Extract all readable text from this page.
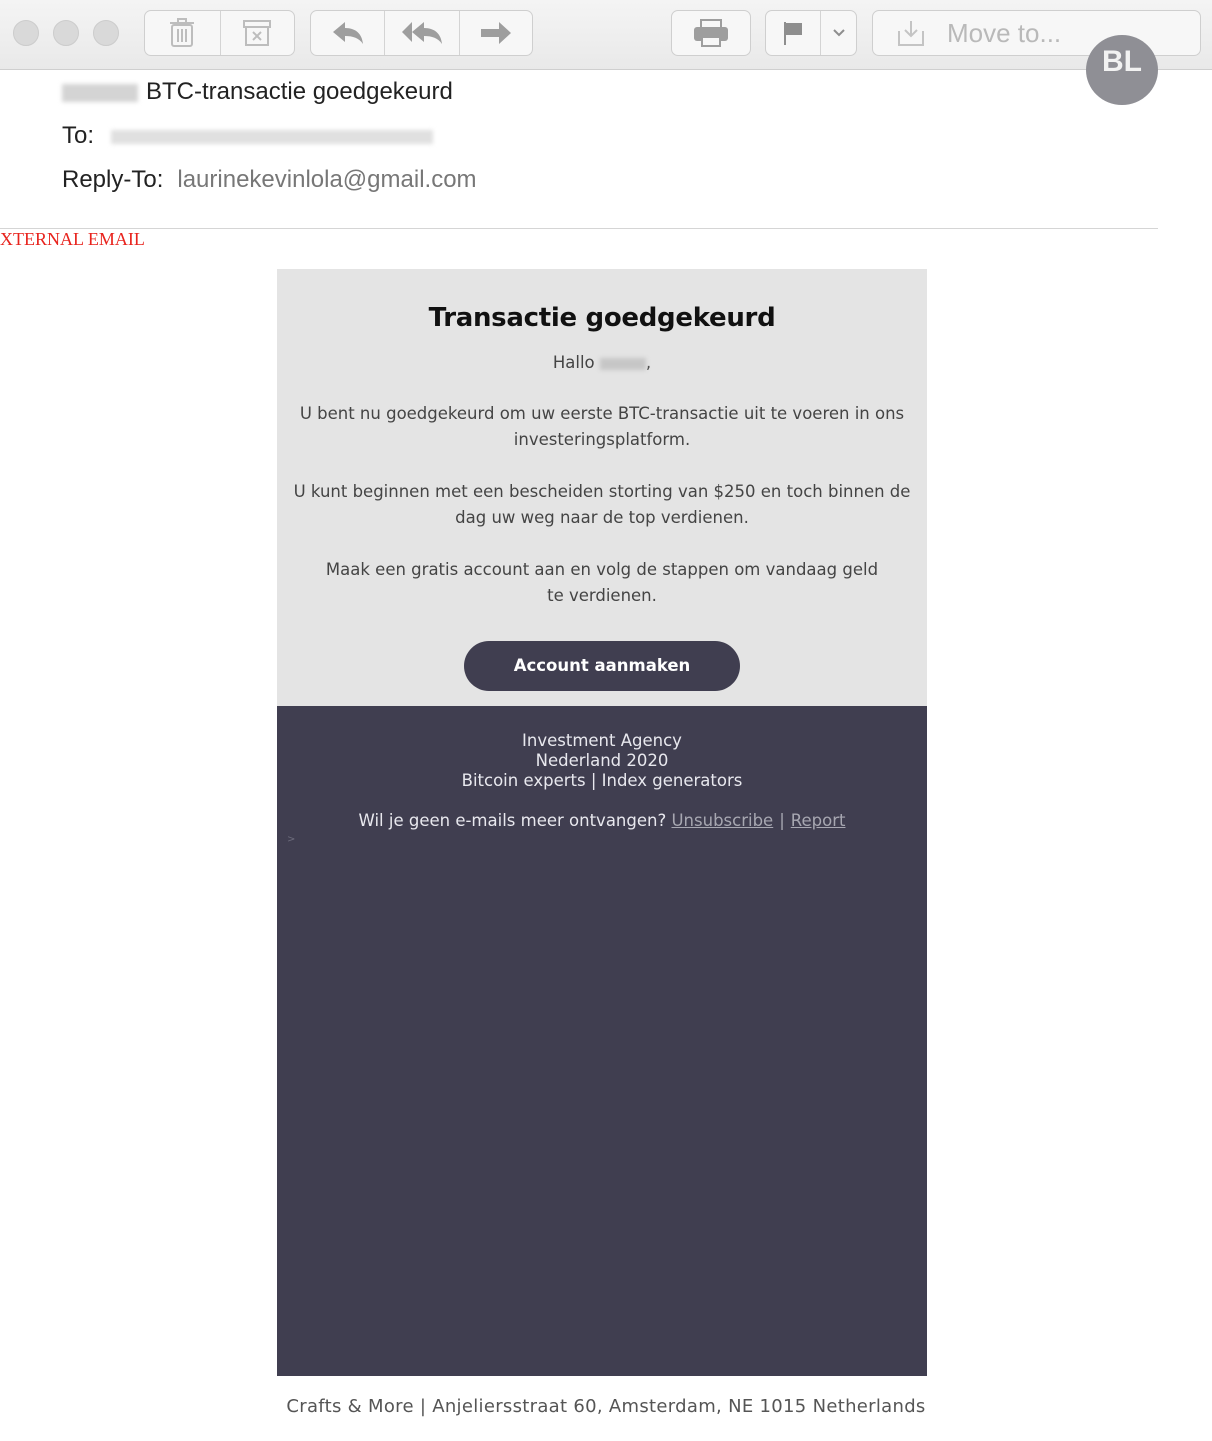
Move to...
BL
BTC-transactie goedgekeurd
To:
Reply-To: laurinekevinlola@gmail.com
XTERNAL EMAIL
Transactie goedgekeurd
Hallo	,
U bent nu goedgekeurd om uw eerste BTC-transactie uit te voeren in ons investeringsplatform.
U kunt beginnen met een bescheiden storting van $250 en toch binnen de dag uw weg naar de top verdienen.
Maak een gratis account aan en volg de stappen om vandaag geld te verdienen.
Account aanmaken
Investment Agency
Nederland 2020
Bitcoin experts | Index generators
Wil je geen e-mails meer ontvangen? Unsubscribe | Report
>
Crafts & More | Anjeliersstraat 60, Amsterdam, NE 1015 Netherlands
